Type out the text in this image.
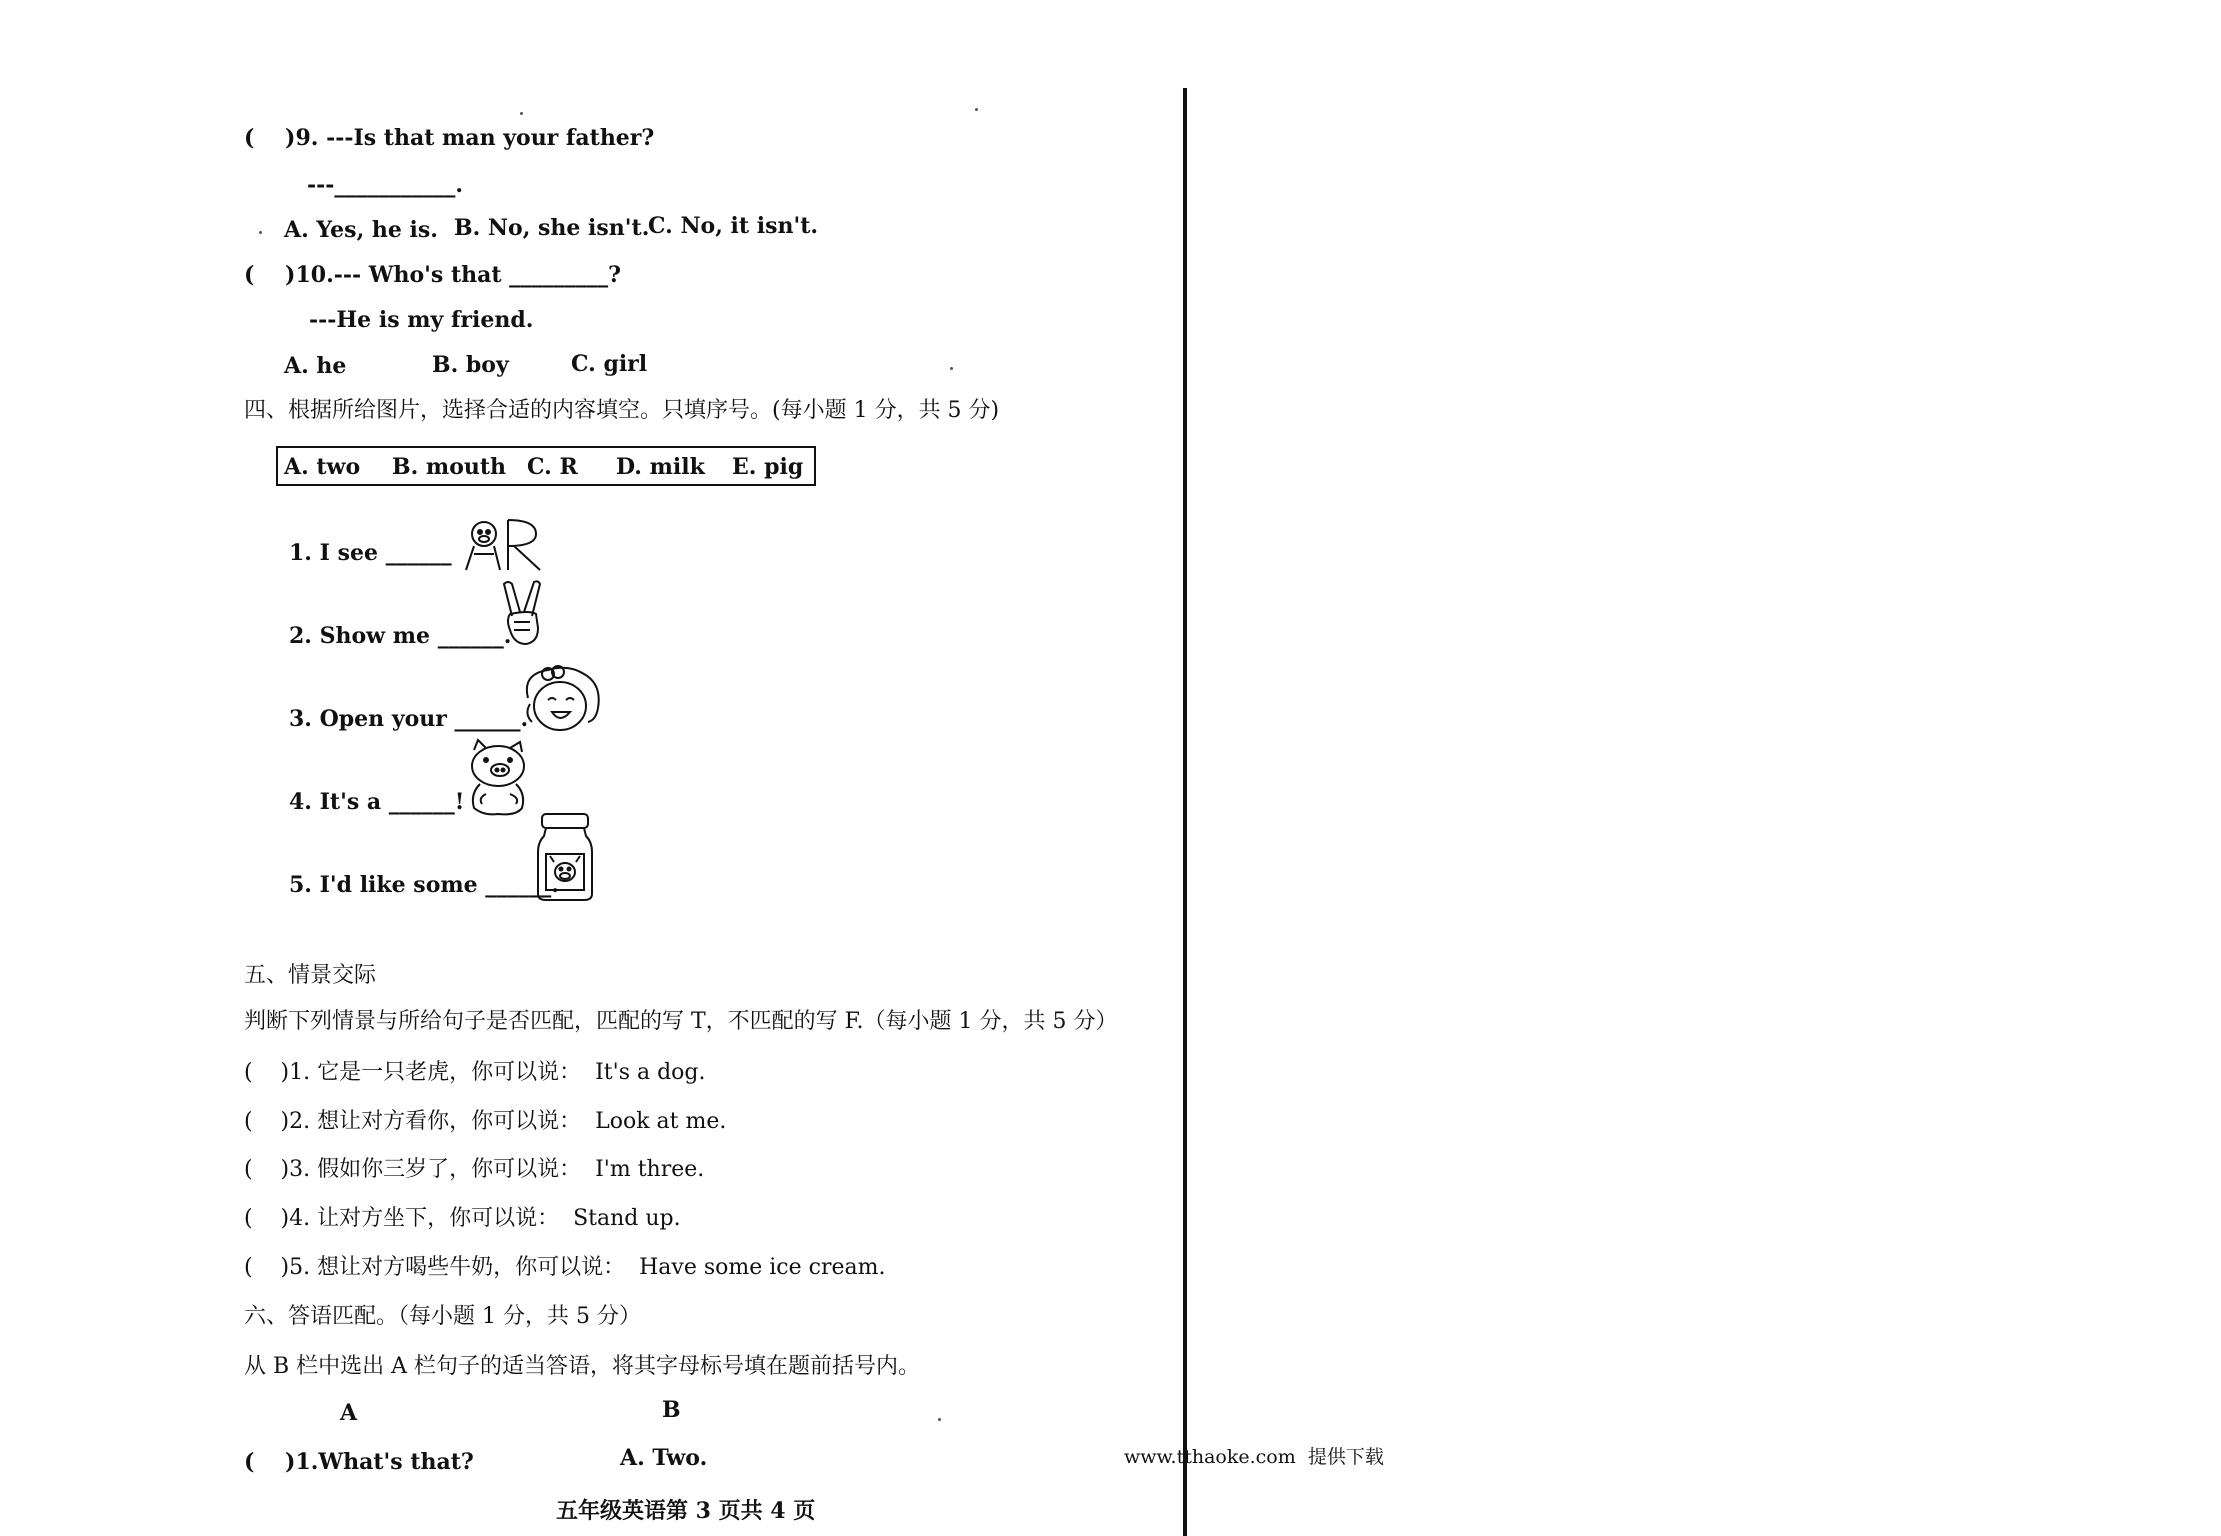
(    )9. ---Is that man your father?
---___________.
A. Yes, he is. B. No, she isn't.
C. No, it isn't.
(    )10.--- Who's that _________?
---He is my friend.
A. he	B. boy	C. girl
四、根据所给图片，选择合适的内容填空。只填序号。(每小题 1 分，共 5 分)
A. two B. mouth C. R D. milk E. pig
1. I see ______
2. Show me ______.
3. Open your ______.
4. It's a ______!
5. I'd like some ______.
五、情景交际
判断下列情景与所给句子是否匹配，匹配的写 T，不匹配的写 F.（每小题 1 分，共 5 分）
(    )1. 它是一只老虎，你可以说：  It's a dog.
(    )2. 想让对方看你，你可以说：  Look at me.
(    )3. 假如你三岁了，你可以说：  I'm three.
(    )4. 让对方坐下，你可以说：  Stand up.
(    )5. 想让对方喝些牛奶，你可以说：  Have some ice cream.
六、答语匹配。（每小题 1 分，共 5 分）
从 B 栏中选出 A 栏句子的适当答语，将其字母标号填在题前括号内。
A	B
(    )1.What's that?	A. Two.
五年级英语第 3 页共 4 页
www.tthaoke.com  提供下载
